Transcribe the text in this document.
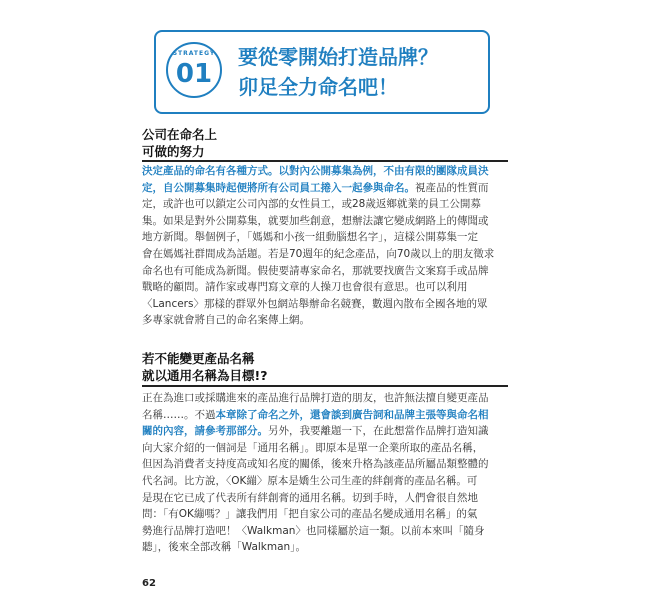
STRATEGY
01
要從零開始打造品牌？
卯足全力命名吧！
公司在命名上
可做的努力
決定產品的命名有各種方式。以對內公開募集為例，不由有限的團隊成員決
定，自公開募集時起便將所有公司員工捲入一起參與命名。視產品的性質而
定，或許也可以鎖定公司內部的女性員工，或28歲返鄉就業的員工公開募
集。如果是對外公開募集，就要加些創意，想辦法讓它變成網路上的傳聞或
地方新聞。舉個例子，「媽媽和小孩一組動腦想名字」，這樣公開募集一定
會在媽媽社群間成為話題。若是70週年的紀念產品，向70歲以上的朋友徵求
命名也有可能成為新聞。假使要請專家命名，那就要找廣告文案寫手或品牌
戰略的顧問。請作家或專門寫文章的人操刀也會很有意思。也可以利用
〈Lancers〉那樣的群眾外包網站舉辦命名競賽，數週內散布全國各地的眾
多專家就會將自己的命名案傳上網。
若不能變更產品名稱
就以通用名稱為目標!?
正在為進口或採購進來的產品進行品牌打造的朋友，也許無法擅自變更產品
名稱……。不過本章除了命名之外，還會談到廣告詞和品牌主張等與命名相
關的內容，請參考那部分。另外，我要離題一下，在此想當作品牌打造知識
向大家介紹的一個詞是「通用名稱」。即原本是單一企業所取的產品名稱，
但因為消費者支持度高或知名度的關係，後來升格為該產品所屬品類整體的
代名詞。比方說，〈OK繃〉原本是嬌生公司生產的絆創膏的產品名稱。可
是現在它已成了代表所有絆創膏的通用名稱。切到手時，人們會很自然地
問：「有OK繃嗎？」讓我們用「把自家公司的產品名變成通用名稱」的氣
勢進行品牌打造吧！〈Walkman〉也同樣屬於這一類。以前本來叫「隨身
聽」，後來全部改稱「Walkman」。
62
